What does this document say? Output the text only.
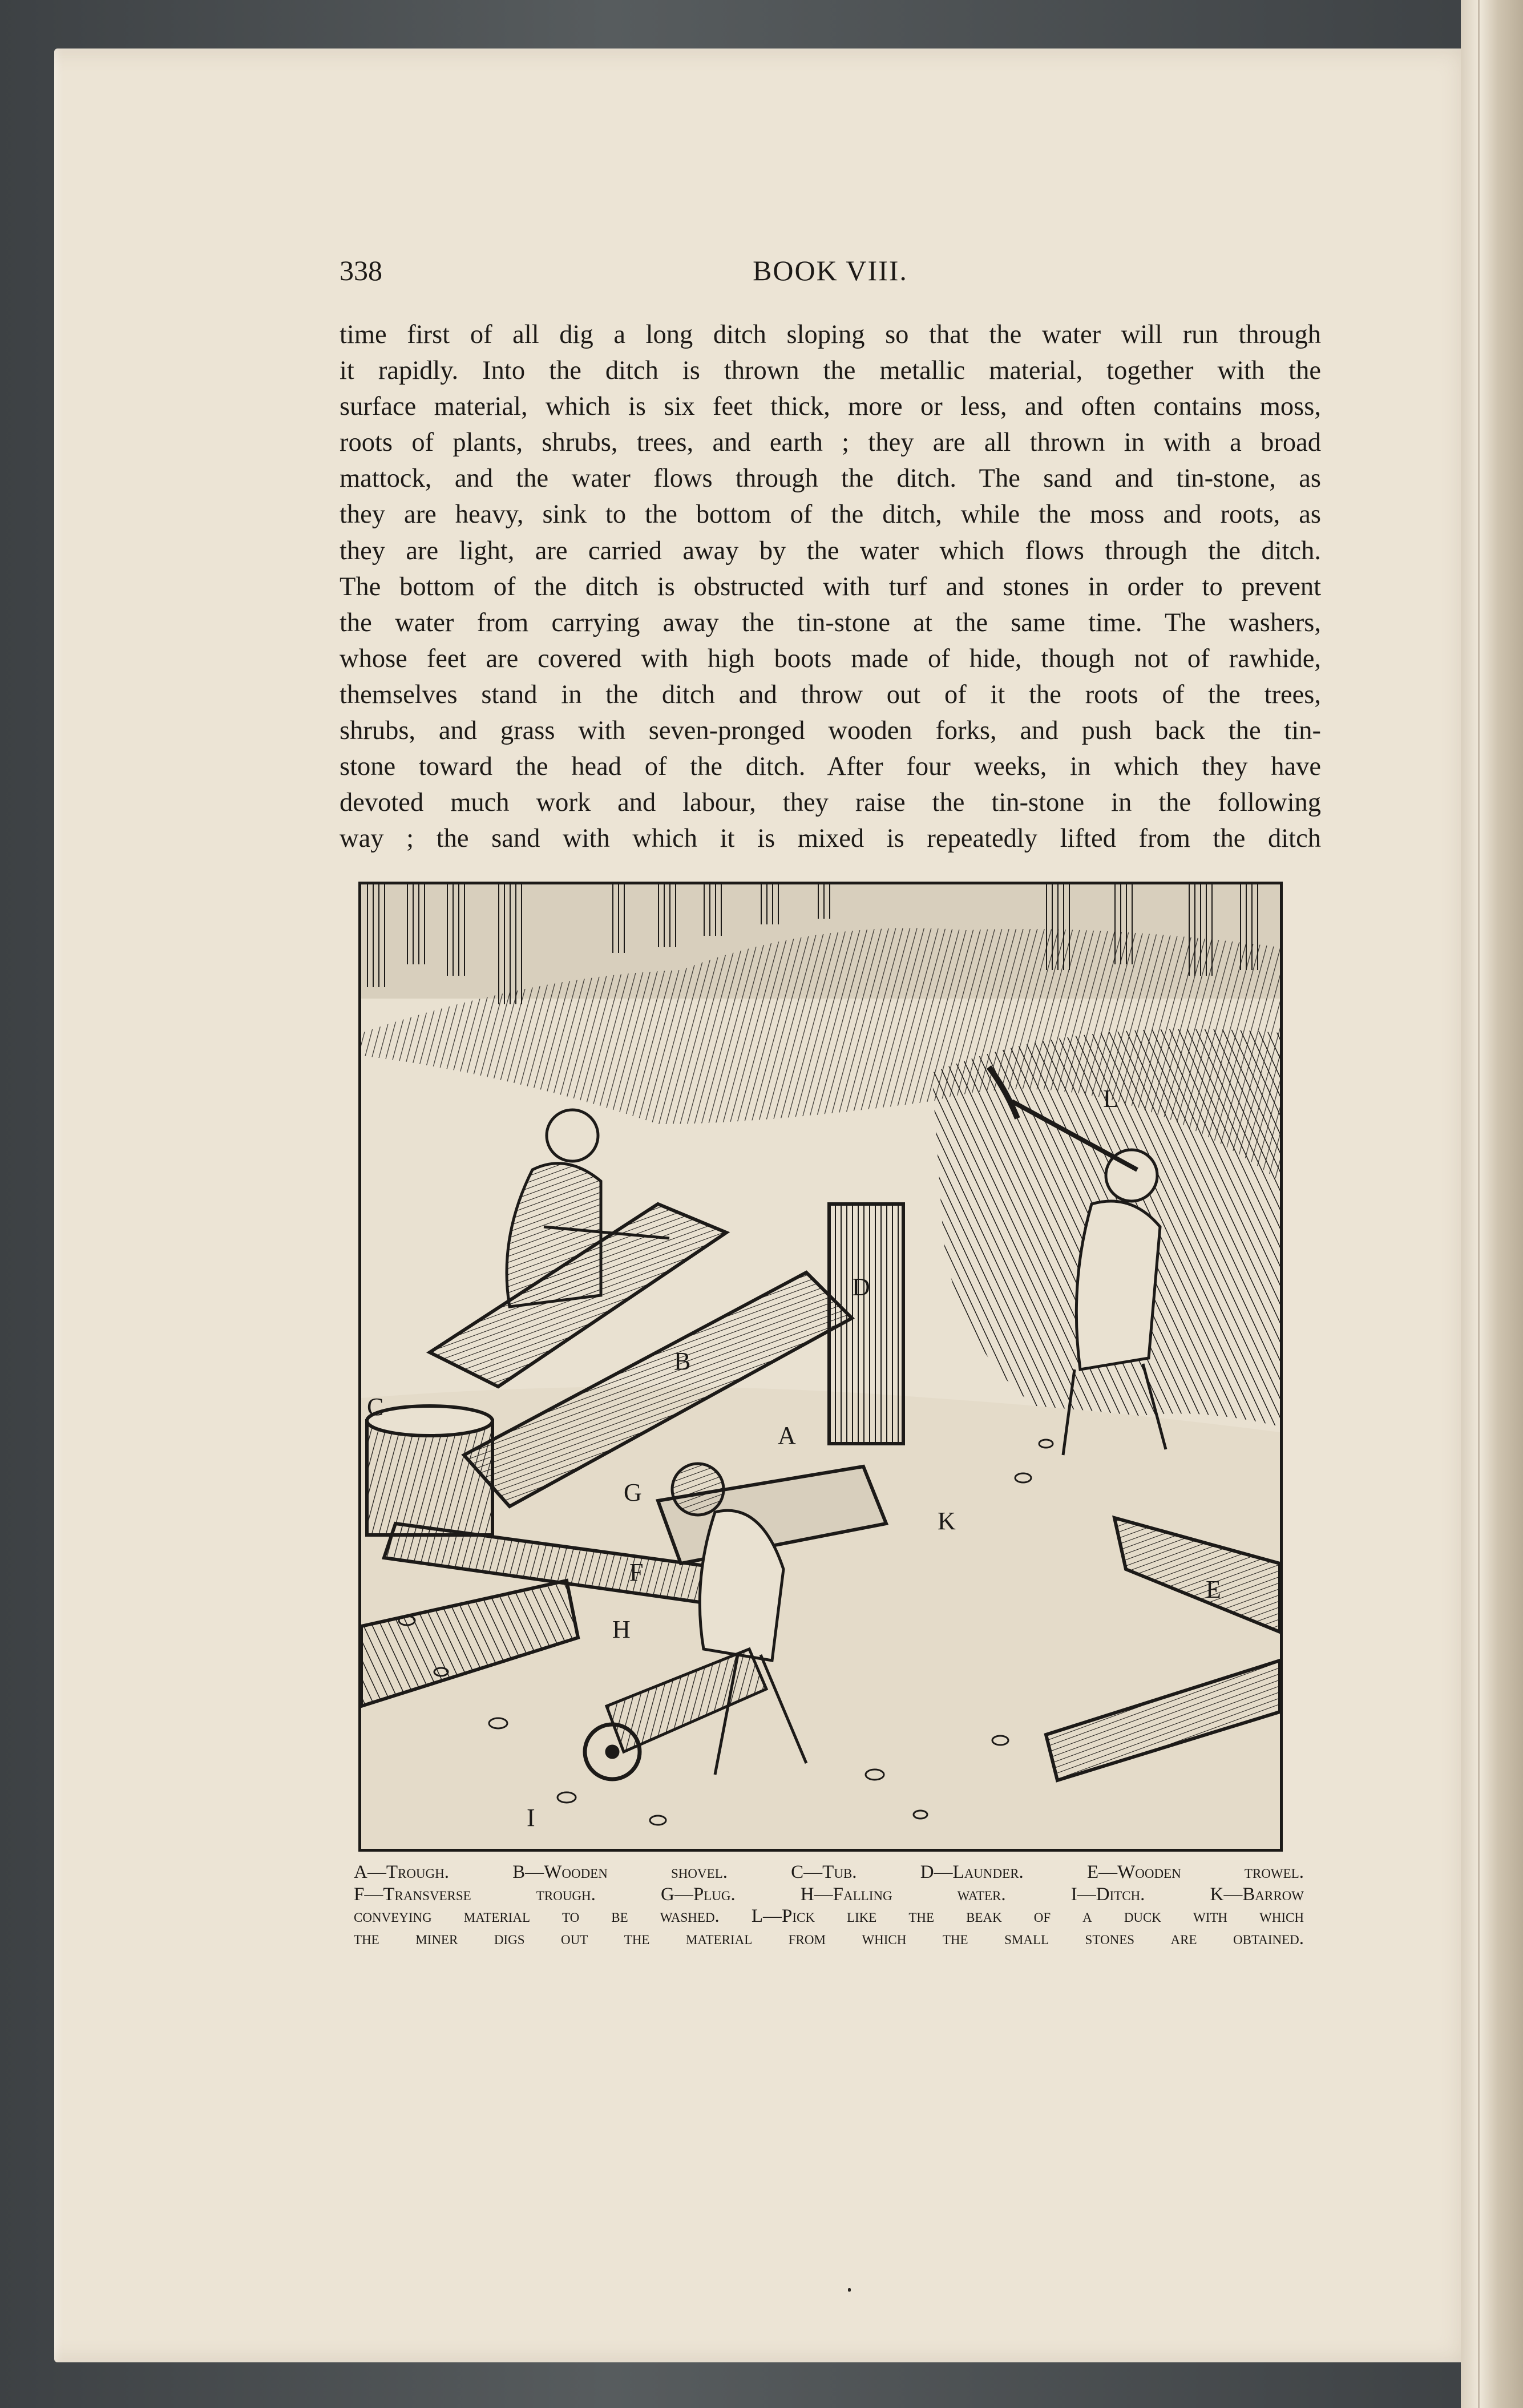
338	BOOK VIII.
time first of all dig a long ditch sloping so that the water will run through
it rapidly. Into the ditch is thrown the metallic material, together with the
surface material, which is six feet thick, more or less, and often contains moss,
roots of plants, shrubs, trees, and earth ; they are all thrown in with a broad
mattock, and the water flows through the ditch. The sand and tin-stone, as
they are heavy, sink to the bottom of the ditch, while the moss and roots, as
they are light, are carried away by the water which flows through the ditch.
The bottom of the ditch is obstructed with turf and stones in order to prevent
the water from carrying away the tin-stone at the same time. The washers,
whose feet are covered with high boots made of hide, though not of rawhide,
themselves stand in the ditch and throw out of it the roots of the trees,
shrubs, and grass with seven-pronged wooden forks, and push back the tin-
stone toward the head of the ditch. After four weeks, in which they have
devoted much work and labour, they raise the tin-stone in the following
way ; the sand with which it is mixed is repeatedly lifted from the ditch
B
C
F
G
H
I
K
L
A
D
E
A—Trough. B—Wooden shovel. C—Tub. D—Launder. E—Wooden trowel.
F—Transverse trough. G—Plug. H—Falling water. I—Ditch. K—Barrow
conveying material to be washed. L—Pick like the beak of a duck with which
the miner digs out the material from which the small stones are obtained.
